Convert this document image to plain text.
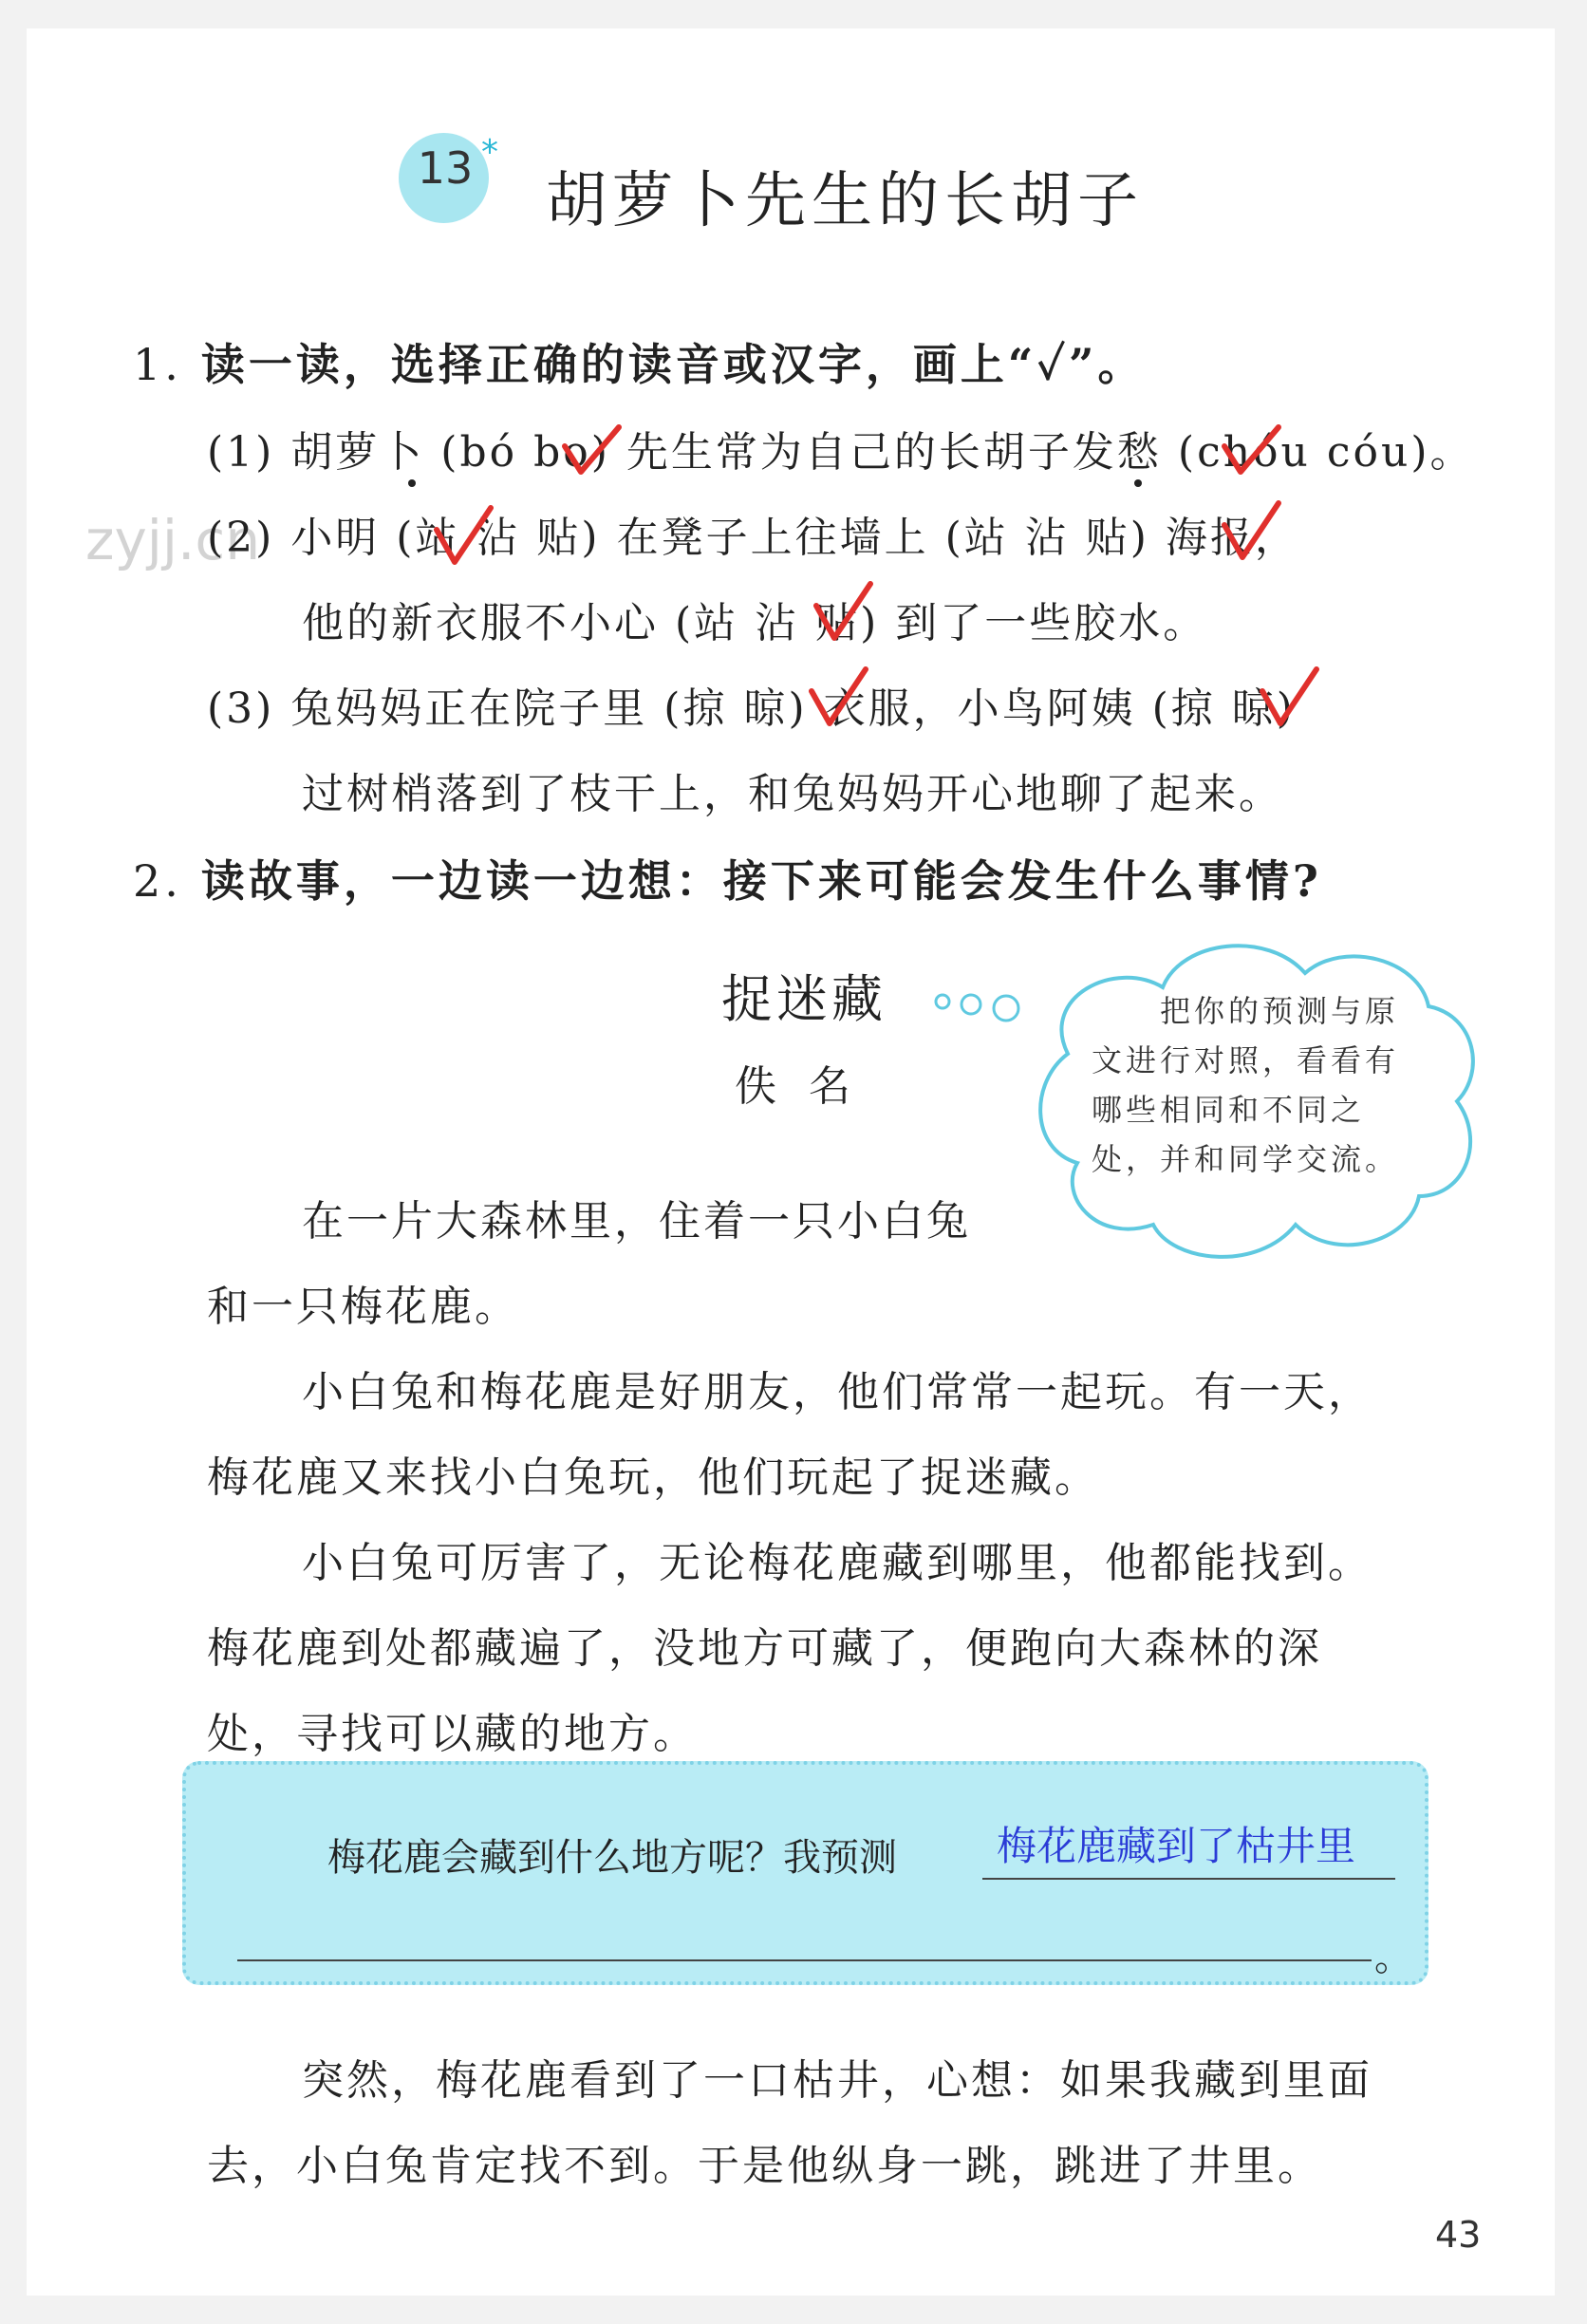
zyjj.cn
13 *
胡萝卜先生的长胡子
1. 读一读，选择正确的读音或汉字，画上“✓”。
(1) 胡萝卜 (bó bo) 先生常为自己的长胡子发愁 (chóu cóu)。
(2) 小明 (站 沾 贴) 在凳子上往墙上 (站 沾 贴) 海报，
他的新衣服不小心 (站 沾 贴) 到了一些胶水。
(3) 兔妈妈正在院子里 (掠 晾) 衣服，小鸟阿姨 (掠 晾)
过树梢落到了枝干上，和兔妈妈开心地聊了起来。
2. 读故事，一边读一边想：接下来可能会发生什么事情?
捉迷藏
佚名
把你的预测与原
文进行对照，看看有
哪些相同和不同之
处，并和同学交流。
在一片大森林里，住着一只小白兔
和一只梅花鹿。
小白兔和梅花鹿是好朋友，他们常常一起玩。有一天，
梅花鹿又来找小白兔玩，他们玩起了捉迷藏。
小白兔可厉害了，无论梅花鹿藏到哪里，他都能找到。
梅花鹿到处都藏遍了，没地方可藏了，便跑向大森林的深
处，寻找可以藏的地方。
梅花鹿会藏到什么地方呢？我预测	梅花鹿藏到了枯井里
。
突然，梅花鹿看到了一口枯井，心想：如果我藏到里面
去，小白兔肯定找不到。于是他纵身一跳，跳进了井里。
43
